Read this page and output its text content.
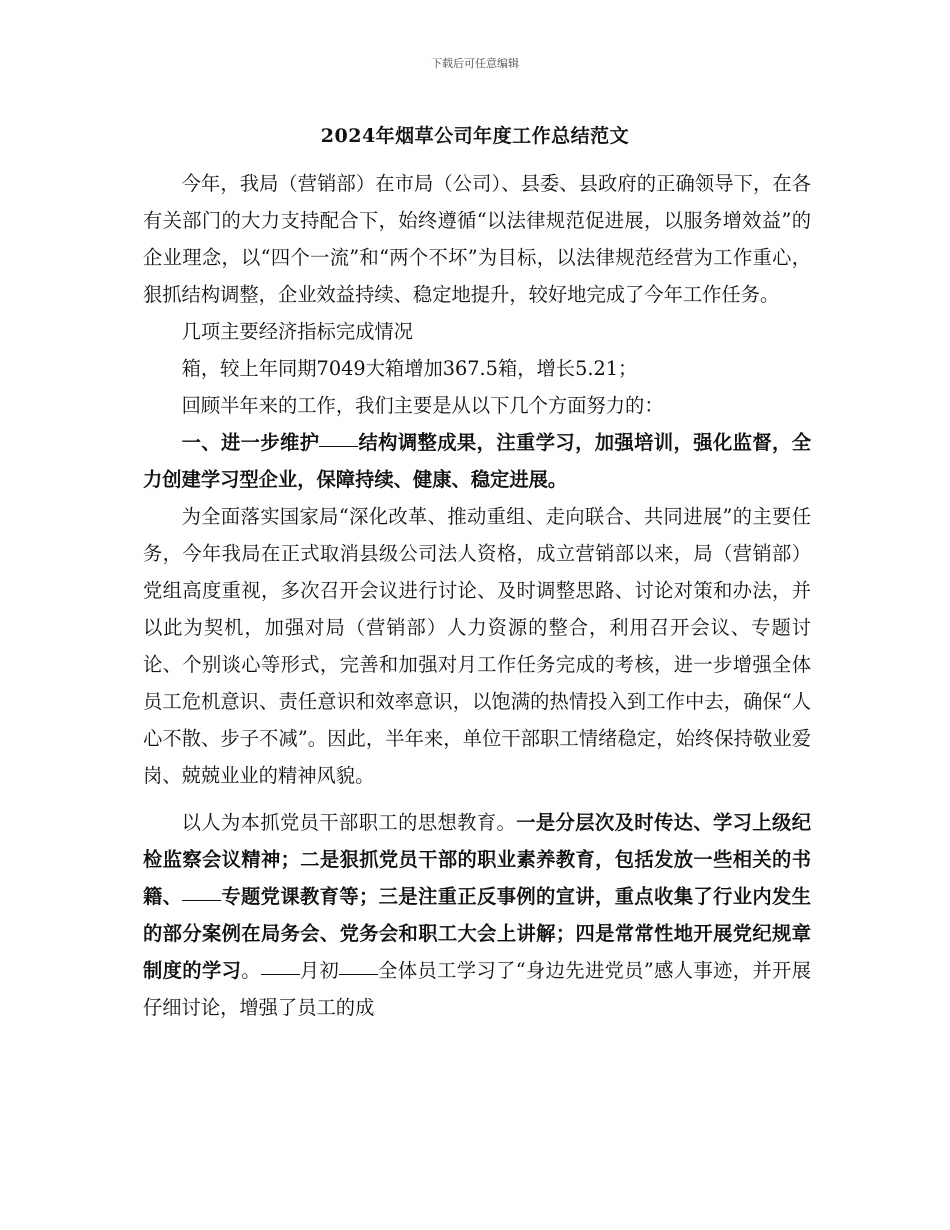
下载后可任意编辑
2024年烟草公司年度工作总结范文

今年，我局（营销部）在市局（公司）、县委、县政府的正确领导下，在各有关部门的大力支持配合下，始终遵循“以法律规范促进展，以服务增效益”的企业理念，以“四个一流”和“两个不坏”为目标，以法律规范经营为工作重心，狠抓结构调整，企业效益持续、稳定地提升，较好地完成了今年工作任务。

几项主要经济指标完成情况

箱，较上年同期7049大箱增加367.5箱，增长5.21；

回顾半年来的工作，我们主要是从以下几个方面努力的：

一、进一步维护 结构调整成果，注重学习，加强培训，强化监督，全力创建学习型企业，保障持续、健康、稳定进展。

为全面落实国家局“深化改革、推动重组、走向联合、共同进展”的主要任务，今年我局在正式取消县级公司法人资格，成立营销部以来，局（营销部）党组高度重视，多次召开会议进行讨论、及时调整思路、讨论对策和办法，并以此为契机，加强对局（营销部）人力资源的整合，利用召开会议、专题讨论、个别谈心等形式，完善和加强对月工作任务完成的考核，进一步增强全体员工危机意识、责任意识和效率意识，以饱满的热情投入到工作中去，确保“人心不散、步子不减”。因此，半年来，单位干部职工情绪稳定，始终保持敬业爱岗、兢兢业业的精神风貌。

以人为本抓党员干部职工的思想教育。一是分层次及时传达、学习上级纪检监察会议精神；二是狠抓党员干部的职业素养教育，包括发放一些相关的书籍、 专题党课教育等；三是注重正反事例的宣讲，重点收集了行业内发生的部分案例在局务会、党务会和职工大会上讲解；四是常常性地开展党纪规章制度的学习。 月初 全体员工学习了“身边先进党员”感人事迹，并开展仔细讨论，增强了员工的成
